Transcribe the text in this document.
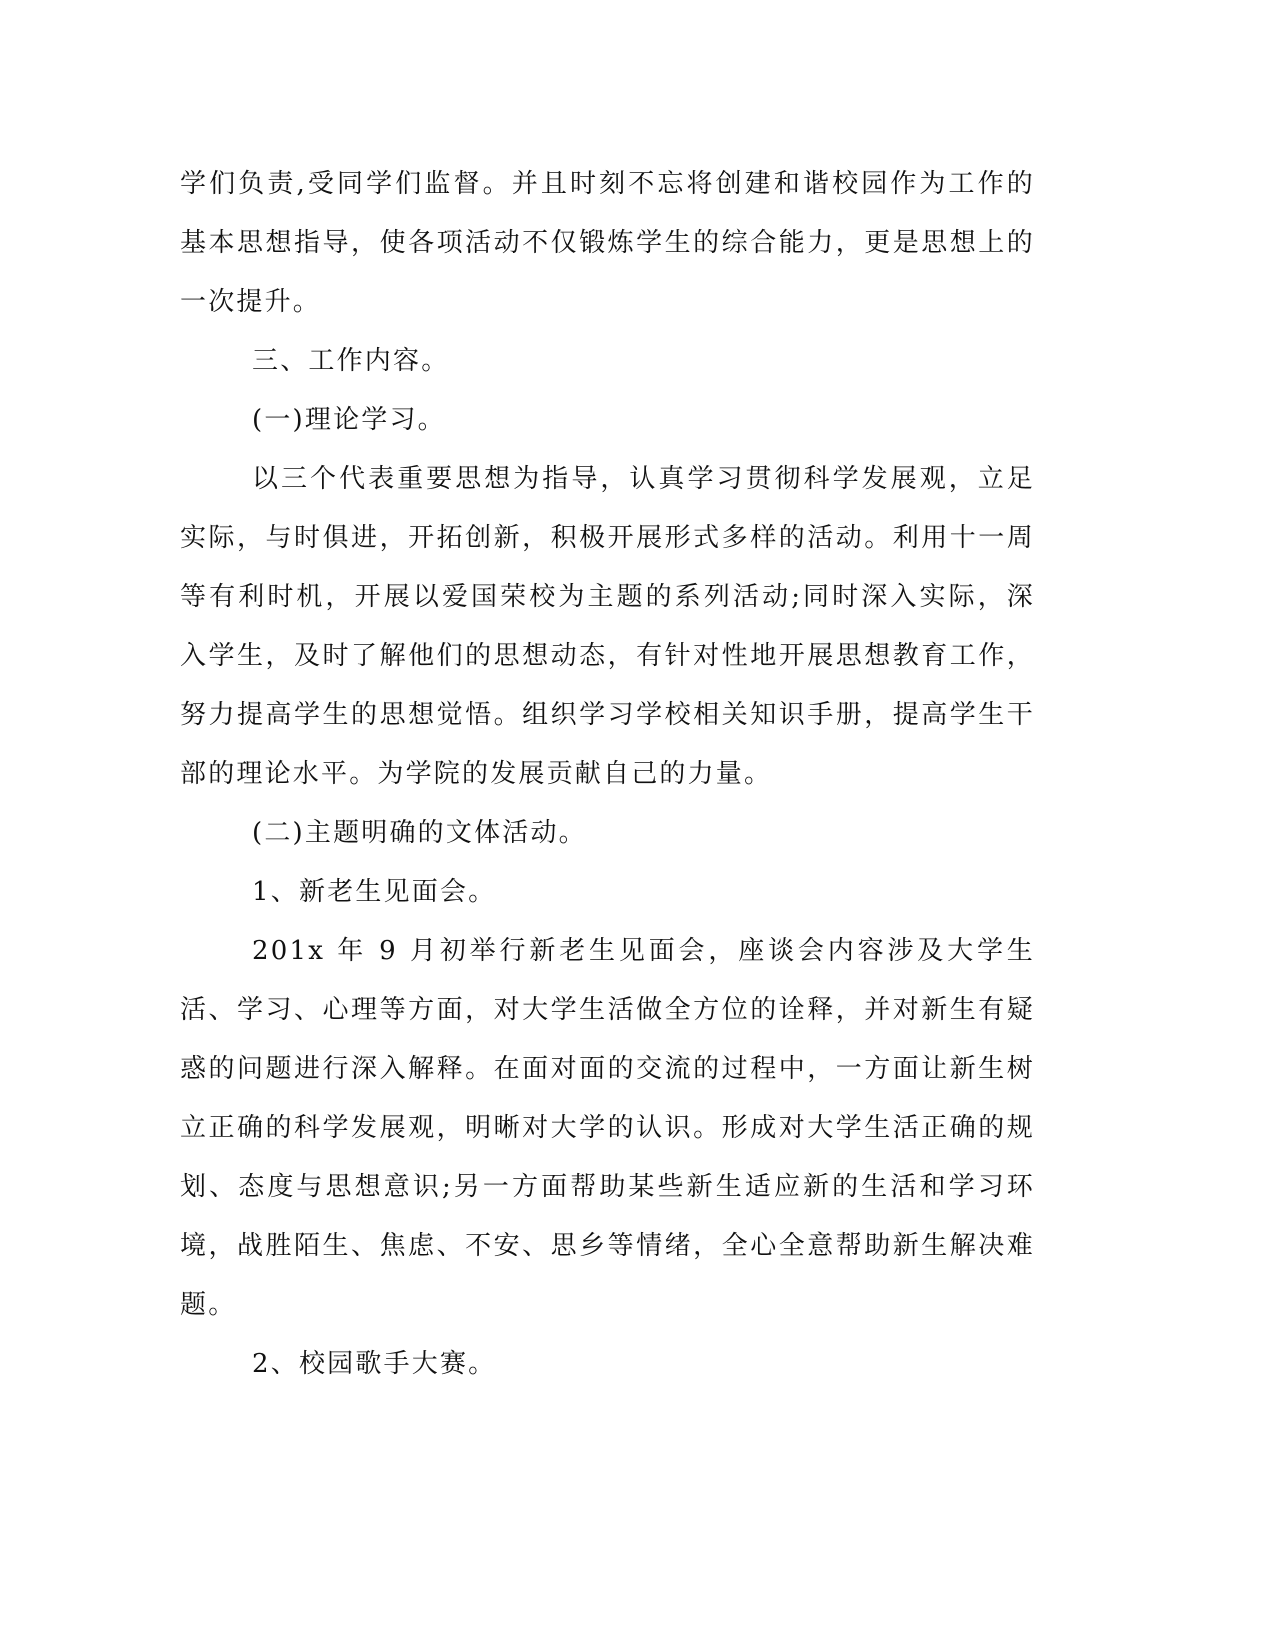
学们负责,受同学们监督。并且时刻不忘将创建和谐校园作为工作的基本思想指导，使各项活动不仅锻炼学生的综合能力，更是思想上的一次提升。

三、工作内容。

(一)理论学习。

以三个代表重要思想为指导，认真学习贯彻科学发展观，立足实际，与时俱进，开拓创新，积极开展形式多样的活动。利用十一周等有利时机，开展以爱国荣校为主题的系列活动;同时深入实际，深入学生，及时了解他们的思想动态，有针对性地开展思想教育工作，努力提高学生的思想觉悟。组织学习学校相关知识手册，提高学生干部的理论水平。为学院的发展贡献自己的力量。

(二)主题明确的文体活动。

1、新老生见面会。

201x 年 9 月初举行新老生见面会，座谈会内容涉及大学生活、学习、心理等方面，对大学生活做全方位的诠释，并对新生有疑惑的问题进行深入解释。在面对面的交流的过程中，一方面让新生树立正确的科学发展观，明晰对大学的认识。形成对大学生活正确的规划、态度与思想意识;另一方面帮助某些新生适应新的生活和学习环境，战胜陌生、焦虑、不安、思乡等情绪，全心全意帮助新生解决难题。

2、校园歌手大赛。
